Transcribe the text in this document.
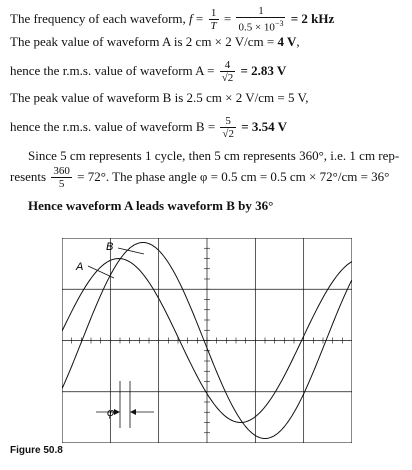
The frequency of each waveform, $f = \frac{1}{T} = \frac{1}{0.5 \times 10^{-3}} = 2$ kHz
The peak value of waveform A is 2 cm × 2 V/cm = 4 V,
hence the r.m.s. value of waveform $A = \frac{4}{√2} = 2.83$ V
The peak value of waveform B is 2.5 cm × 2 V/cm = 5 V,
hence the r.m.s. value of waveform $B = \frac{5}{√2} = 3.54$ V
Since 5 cm represents 1 cycle, then 5 cm represents 360°, i.e. 1 cm rep-
resents $\frac{360}{5} = 72^\circ$. The phase angle φ = 0.5 cm = 0.5 cm × 72°/cm = 36°
Hence waveform A leads waveform B by 36°
B
A
φ
Figure 50.8
